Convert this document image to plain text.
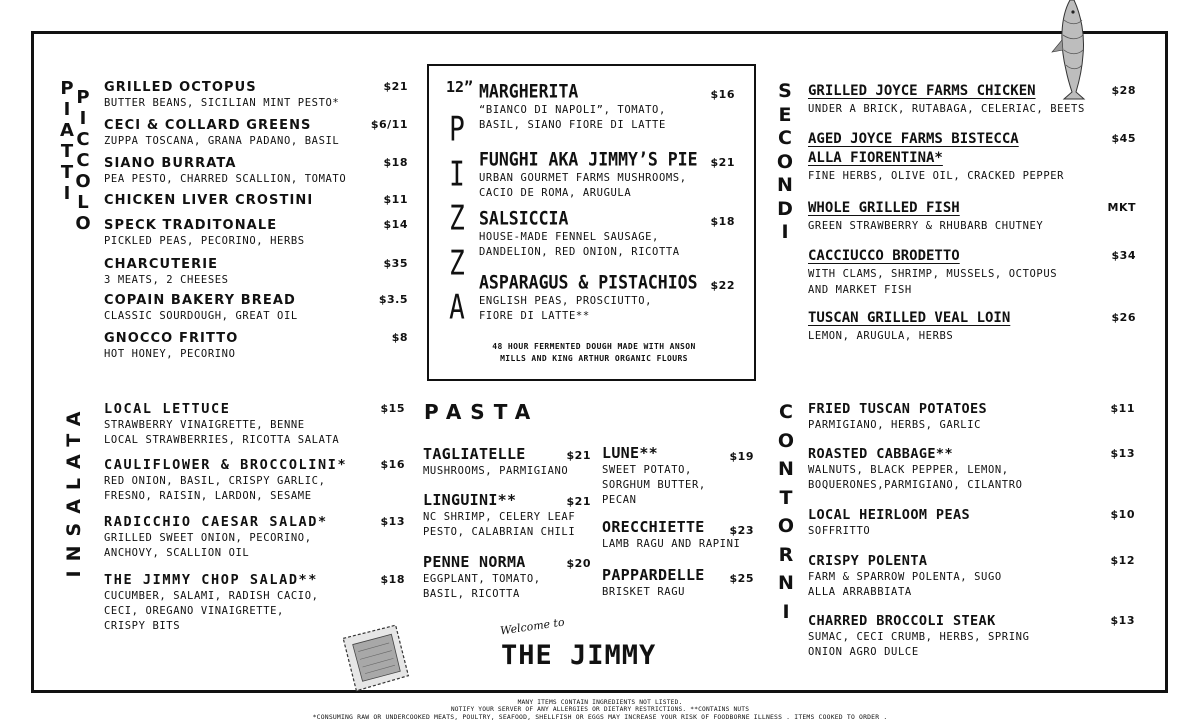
P
I
A
T
T
I
P
I
C
C
O
L
O
GRILLED OCTOPUS
BUTTER BEANS, SICILIAN MINT PESTO*
$21
CECI & COLLARD GREENS
ZUPPA TOSCANA, GRANA PADANO, BASIL
$6/11
SIANO BURRATA
PEA PESTO, CHARRED SCALLION, TOMATO
$18
CHICKEN LIVER CROSTINI	$11
SPECK TRADITONALE
PICKLED PEAS, PECORINO, HERBS
$14
CHARCUTERIE
3 MEATS, 2 CHEESES
$35
COPAIN BAKERY BREAD
CLASSIC SOURDOUGH, GREAT OIL
$3.5
GNOCCO FRITTO
HOT HONEY, PECORINO
$8
12”
P
I
Z
Z
A
MARGHERITA
“BIANCO DI NAPOLI”, TOMATO,
BASIL, SIANO FIORE DI LATTE
$16
FUNGHI AKA JIMMY’S PIE
URBAN GOURMET FARMS MUSHROOMS,
CACIO DE ROMA, ARUGULA
$21
SALSICCIA
HOUSE-MADE FENNEL SAUSAGE,
DANDELION, RED ONION, RICOTTA
$18
ASPARAGUS & PISTACHIOS
ENGLISH PEAS, PROSCIUTTO,
FIORE DI LATTE**
$22
48 HOUR FERMENTED DOUGH MADE WITH ANSON
MILLS AND KING ARTHUR ORGANIC FLOURS
S
E
C
O
N
D
I
GRILLED JOYCE FARMS CHICKEN
UNDER A BRICK, RUTABAGA, CELERIAC, BEETS
$28
AGED JOYCE FARMS BISTECCA
ALLA FIORENTINA*
FINE HERBS, OLIVE OIL, CRACKED PEPPER
$45
WHOLE GRILLED FISH
GREEN STRAWBERRY & RHUBARB CHUTNEY
MKT
CACCIUCCO BRODETTO
WITH CLAMS, SHRIMP, MUSSELS, OCTOPUS
AND MARKET FISH
$34
TUSCAN GRILLED VEAL LOIN
LEMON, ARUGULA, HERBS
$26
INSALATA LOCAL LETTUCE
STRAWBERRY VINAIGRETTE, BENNE
LOCAL STRAWBERRIES, RICOTTA SALATA
$15
CAULIFLOWER & BROCCOLINI*
RED ONION, BASIL, CRISPY GARLIC,
FRESNO, RAISIN, LARDON, SESAME
$16
RADICCHIO CAESAR SALAD*
GRILLED SWEET ONION, PECORINO,
ANCHOVY, SCALLION OIL
$13
THE JIMMY CHOP SALAD**
CUCUMBER, SALAMI, RADISH CACIO,
CECI, OREGANO VINAIGRETTE,
CRISPY BITS
$18
PASTA
TAGLIATELLE
MUSHROOMS, PARMIGIANO
$21
LINGUINI**
NC SHRIMP, CELERY LEAF
PESTO, CALABRIAN CHILI
$21
PENNE NORMA
EGGPLANT, TOMATO,
BASIL, RICOTTA
$20
LUNE**
SWEET POTATO,
SORGHUM BUTTER,
PECAN
$19
ORECCHIETTE
LAMB RAGU AND RAPINI
$23
PAPPARDELLE
BRISKET RAGU
$25
C
O
N
T
O
R
N
I
FRIED TUSCAN POTATOES
PARMIGIANO, HERBS, GARLIC
$11
ROASTED CABBAGE**
WALNUTS, BLACK PEPPER, LEMON,
BOQUERONES,PARMIGIANO, CILANTRO
$13
LOCAL HEIRLOOM PEAS
SOFFRITTO
$10
CRISPY POLENTA
FARM & SPARROW POLENTA, SUGO
ALLA ARRABBIATA
$12
CHARRED BROCCOLI STEAK
SUMAC, CECI CRUMB, HERBS, SPRING
ONION AGRO DULCE
$13
Welcome to
THE JIMMY
MANY ITEMS CONTAIN INGREDIENTS NOT LISTED.
NOTIFY YOUR SERVER OF ANY ALLERGIES OR DIETARY RESTRICTIONS. **CONTAINS NUTS
*CONSUMING RAW OR UNDERCOOKED MEATS, POULTRY, SEAFOOD, SHELLFISH OR EGGS MAY INCREASE YOUR RISK OF FOODBORNE ILLNESS . ITEMS COOKED TO ORDER .
